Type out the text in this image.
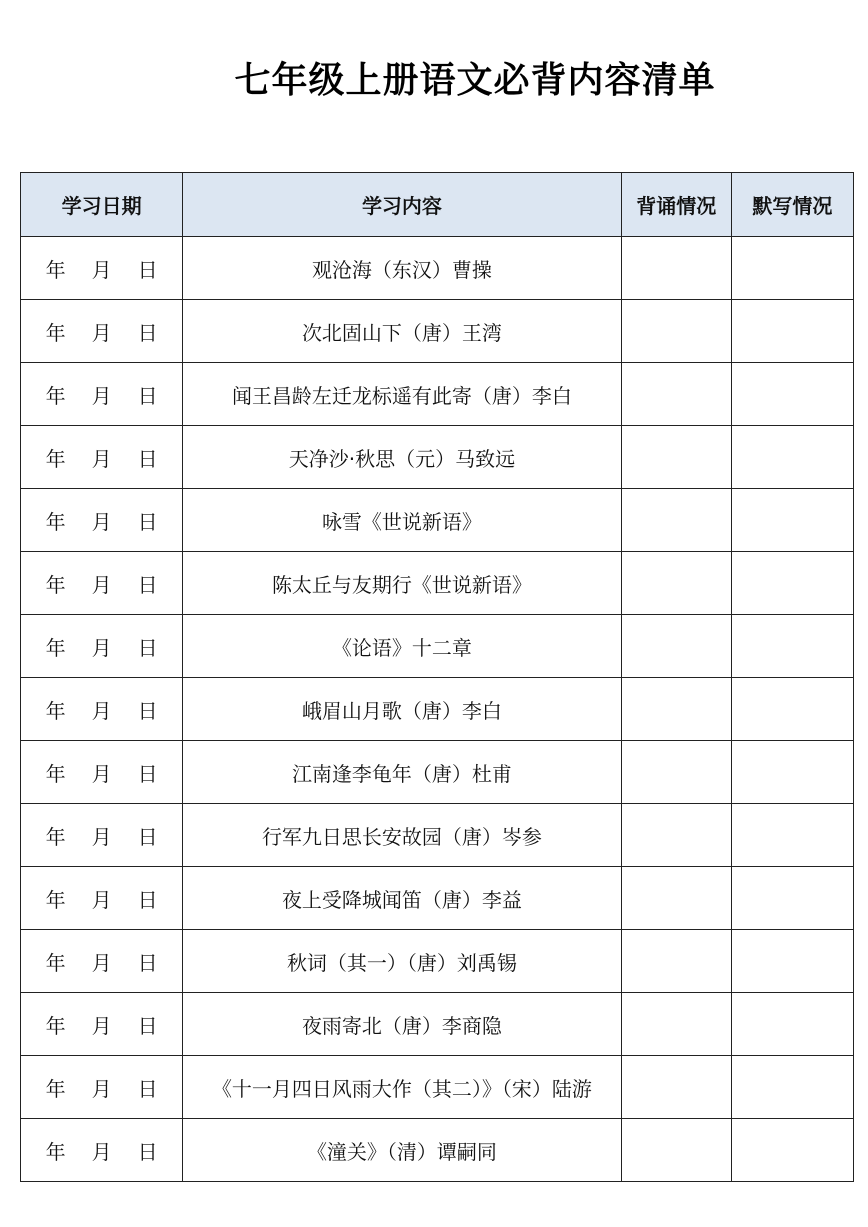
七年级上册语文必背内容清单
学习日期	学习内容	背诵情况	默写情况
年 月 日	观沧海（东汉）曹操		
年 月 日	次北固山下（唐）王湾		
年 月 日	闻王昌龄左迁龙标遥有此寄（唐）李白		
年 月 日	天净沙·秋思（元）马致远		
年 月 日	咏雪《世说新语》		
年 月 日	陈太丘与友期行《世说新语》		
年 月 日	《论语》十二章		
年 月 日	峨眉山月歌（唐）李白		
年 月 日	江南逢李龟年（唐）杜甫		
年 月 日	行军九日思长安故园（唐）岑参		
年 月 日	夜上受降城闻笛（唐）李益		
年 月 日	秋词（其一）（唐）刘禹锡		
年 月 日	夜雨寄北（唐）李商隐		
年 月 日	《十一月四日风雨大作（其二）》（宋）陆游		
年 月 日	《潼关》（清）谭嗣同		
